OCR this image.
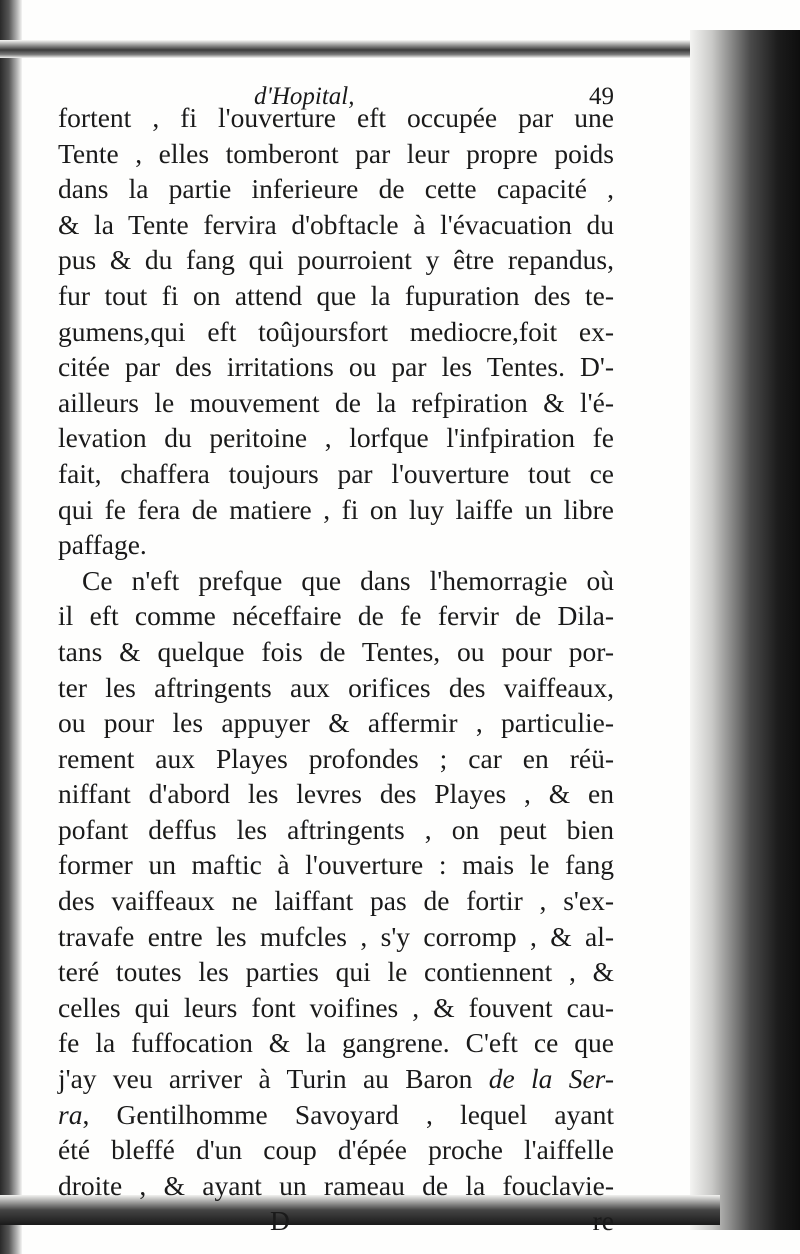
d'Hopital,	49
fortent , fi l'ouverture eft occupée par une
Tente , elles tomberont par leur propre poids
dans la partie inferieure de cette capacité ,
& la Tente fervira d'obftacle à l'évacuation du
pus & du fang qui pourroient y être repandus,
fur tout fi on attend que la fupuration des te-
gumens,qui eft toûjoursfort mediocre,foit ex-
citée par des irritations ou par les Tentes. D'-
ailleurs le mouvement de la refpiration & l'é-
levation du peritoine , lorfque l'infpiration fe
fait, chaffera toujours par l'ouverture tout ce
qui fe fera de matiere , fi on luy laiffe un libre
paffage.
Ce n'eft prefque que dans l'hemorragie où
il eft comme néceffaire de fe fervir de Dila-
tans & quelque fois de Tentes, ou pour por-
ter les aftringents aux orifices des vaiffeaux,
ou pour les appuyer & affermir , particulie-
rement aux Playes profondes ; car en réü-
niffant d'abord les levres des Playes , & en
pofant deffus les aftringents , on peut bien
former un maftic à l'ouverture : mais le fang
des vaiffeaux ne laiffant pas de fortir , s'ex-
travafe entre les mufcles , s'y corromp , & al-
teré toutes les parties qui le contiennent , &
celles qui leurs font voifines , & fouvent cau-
fe la fuffocation & la gangrene. C'eft ce que
j'ay veu arriver à Turin au Baron de la Ser-
ra, Gentilhomme Savoyard , lequel ayant
été bleffé d'un coup d'épée proche l'aiffelle
droite , & ayant un rameau de la fouclavie-
D	re
